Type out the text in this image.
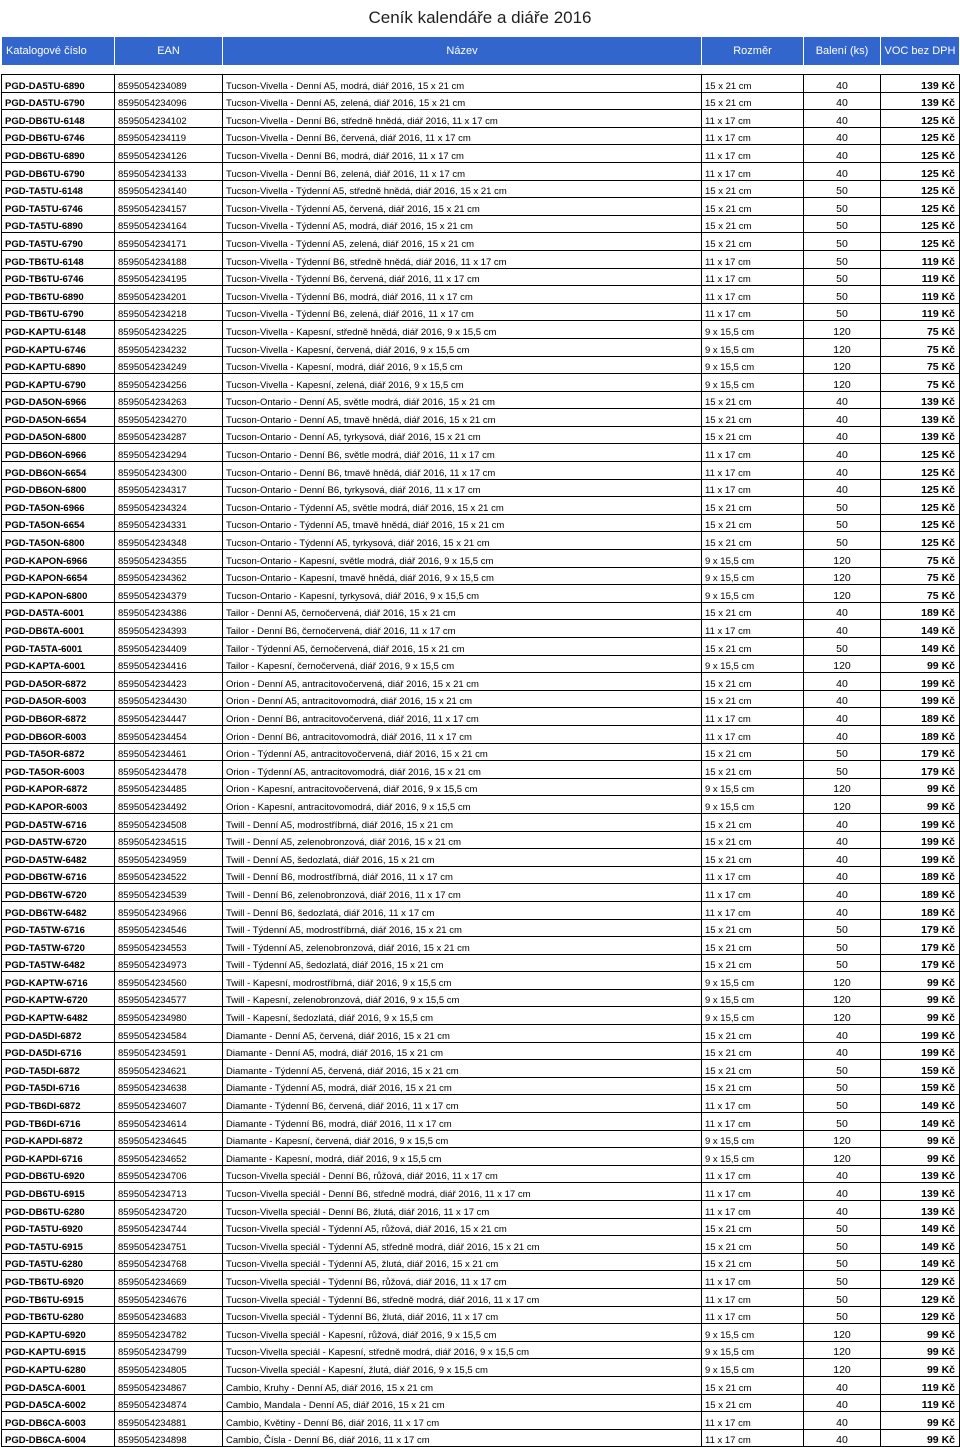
Ceník kalendáře a diáře 2016
Katalogové číslo	EAN	Název	Rozměr	Balení (ks)	VOC bez DPH

PGD-DA5TU-6890	8595054234089	Tucson-Vivella - Denní A5, modrá, diář 2016, 15 x 21 cm	15 x 21 cm	40	139 Kč
PGD-DA5TU-6790	8595054234096	Tucson-Vivella - Denní A5, zelená, diář 2016, 15 x 21 cm	15 x 21 cm	40	139 Kč
PGD-DB6TU-6148	8595054234102	Tucson-Vivella - Denní B6, středně hnědá, diář 2016, 11 x 17 cm	11 x 17 cm	40	125 Kč
PGD-DB6TU-6746	8595054234119	Tucson-Vivella - Denní B6, červená, diář 2016, 11 x 17 cm	11 x 17 cm	40	125 Kč
PGD-DB6TU-6890	8595054234126	Tucson-Vivella - Denní B6, modrá, diář 2016, 11 x 17 cm	11 x 17 cm	40	125 Kč
PGD-DB6TU-6790	8595054234133	Tucson-Vivella - Denní B6, zelená, diář 2016, 11 x 17 cm	11 x 17 cm	40	125 Kč
PGD-TA5TU-6148	8595054234140	Tucson-Vivella - Týdenní A5, středně hnědá, diář 2016, 15 x 21 cm	15 x 21 cm	50	125 Kč
PGD-TA5TU-6746	8595054234157	Tucson-Vivella - Týdenní A5, červená, diář 2016, 15 x 21 cm	15 x 21 cm	50	125 Kč
PGD-TA5TU-6890	8595054234164	Tucson-Vivella - Týdenní A5, modrá, diář 2016, 15 x 21 cm	15 x 21 cm	50	125 Kč
PGD-TA5TU-6790	8595054234171	Tucson-Vivella - Týdenní A5, zelená, diář 2016, 15 x 21 cm	15 x 21 cm	50	125 Kč
PGD-TB6TU-6148	8595054234188	Tucson-Vivella - Týdenní B6, středně hnědá, diář 2016, 11 x 17 cm	11 x 17 cm	50	119 Kč
PGD-TB6TU-6746	8595054234195	Tucson-Vivella - Týdenní B6, červená, diář 2016, 11 x 17 cm	11 x 17 cm	50	119 Kč
PGD-TB6TU-6890	8595054234201	Tucson-Vivella - Týdenní B6, modrá, diář 2016, 11 x 17 cm	11 x 17 cm	50	119 Kč
PGD-TB6TU-6790	8595054234218	Tucson-Vivella - Týdenní B6, zelená, diář 2016, 11 x 17 cm	11 x 17 cm	50	119 Kč
PGD-KAPTU-6148	8595054234225	Tucson-Vivella - Kapesní, středně hnědá, diář 2016, 9 x 15,5 cm	9 x 15,5 cm	120	75 Kč
PGD-KAPTU-6746	8595054234232	Tucson-Vivella - Kapesní, červená, diář 2016, 9 x 15,5 cm	9 x 15,5 cm	120	75 Kč
PGD-KAPTU-6890	8595054234249	Tucson-Vivella - Kapesní, modrá, diář 2016, 9 x 15,5 cm	9 x 15,5 cm	120	75 Kč
PGD-KAPTU-6790	8595054234256	Tucson-Vivella - Kapesní, zelená, diář 2016, 9 x 15,5 cm	9 x 15,5 cm	120	75 Kč
PGD-DA5ON-6966	8595054234263	Tucson-Ontario - Denní A5, světle modrá, diář 2016, 15 x 21 cm	15 x 21 cm	40	139 Kč
PGD-DA5ON-6654	8595054234270	Tucson-Ontario - Denní A5, tmavě hnědá, diář 2016, 15 x 21 cm	15 x 21 cm	40	139 Kč
PGD-DA5ON-6800	8595054234287	Tucson-Ontario - Denní A5, tyrkysová, diář 2016, 15 x 21 cm	15 x 21 cm	40	139 Kč
PGD-DB6ON-6966	8595054234294	Tucson-Ontario - Denní B6, světle modrá, diář 2016, 11 x 17 cm	11 x 17 cm	40	125 Kč
PGD-DB6ON-6654	8595054234300	Tucson-Ontario - Denní B6, tmavě hnědá, diář 2016, 11 x 17 cm	11 x 17 cm	40	125 Kč
PGD-DB6ON-6800	8595054234317	Tucson-Ontario - Denní B6, tyrkysová, diář 2016, 11 x 17 cm	11 x 17 cm	40	125 Kč
PGD-TA5ON-6966	8595054234324	Tucson-Ontario - Týdenní A5, světle modrá, diář 2016, 15 x 21 cm	15 x 21 cm	50	125 Kč
PGD-TA5ON-6654	8595054234331	Tucson-Ontario - Týdenní A5, tmavě hnědá, diář 2016, 15 x 21 cm	15 x 21 cm	50	125 Kč
PGD-TA5ON-6800	8595054234348	Tucson-Ontario - Týdenní A5, tyrkysová, diář 2016, 15 x 21 cm	15 x 21 cm	50	125 Kč
PGD-KAPON-6966	8595054234355	Tucson-Ontario - Kapesní, světle modrá, diář 2016, 9 x 15,5 cm	9 x 15,5 cm	120	75 Kč
PGD-KAPON-6654	8595054234362	Tucson-Ontario - Kapesní, tmavě hnědá, diář 2016, 9 x 15,5 cm	9 x 15,5 cm	120	75 Kč
PGD-KAPON-6800	8595054234379	Tucson-Ontario - Kapesní, tyrkysová, diář 2016, 9 x 15,5 cm	9 x 15,5 cm	120	75 Kč
PGD-DA5TA-6001	8595054234386	Tailor - Denní A5, černočervená, diář 2016, 15 x 21 cm	15 x 21 cm	40	189 Kč
PGD-DB6TA-6001	8595054234393	Tailor - Denní B6, černočervená, diář 2016, 11 x 17 cm	11 x 17 cm	40	149 Kč
PGD-TA5TA-6001	8595054234409	Tailor - Týdenní A5, černočervená, diář 2016, 15 x 21 cm	15 x 21 cm	50	149 Kč
PGD-KAPTA-6001	8595054234416	Tailor - Kapesní, černočervená, diář 2016, 9 x 15,5 cm	9 x 15,5 cm	120	99 Kč
PGD-DA5OR-6872	8595054234423	Orion - Denní A5, antracitovočervená, diář 2016, 15 x 21 cm	15 x 21 cm	40	199 Kč
PGD-DA5OR-6003	8595054234430	Orion - Denní A5, antracitovomodrá, diář 2016, 15 x 21 cm	15 x 21 cm	40	199 Kč
PGD-DB6OR-6872	8595054234447	Orion - Denní B6, antracitovočervená, diář 2016, 11 x 17 cm	11 x 17 cm	40	189 Kč
PGD-DB6OR-6003	8595054234454	Orion - Denní B6, antracitovomodrá, diář 2016, 11 x 17 cm	11 x 17 cm	40	189 Kč
PGD-TA5OR-6872	8595054234461	Orion - Týdenní A5, antracitovočervená, diář 2016, 15 x 21 cm	15 x 21 cm	50	179 Kč
PGD-TA5OR-6003	8595054234478	Orion - Týdenní A5, antracitovomodrá, diář 2016, 15 x 21 cm	15 x 21 cm	50	179 Kč
PGD-KAPOR-6872	8595054234485	Orion - Kapesní, antracitovočervená, diář 2016, 9 x 15,5 cm	9 x 15,5 cm	120	99 Kč
PGD-KAPOR-6003	8595054234492	Orion - Kapesní, antracitovomodrá, diář 2016, 9 x 15,5 cm	9 x 15,5 cm	120	99 Kč
PGD-DA5TW-6716	8595054234508	Twill - Denní A5, modrostříbrná, diář 2016, 15 x 21 cm	15 x 21 cm	40	199 Kč
PGD-DA5TW-6720	8595054234515	Twill - Denní A5, zelenobronzová, diář 2016, 15 x 21 cm	15 x 21 cm	40	199 Kč
PGD-DA5TW-6482	8595054234959	Twill - Denní A5, šedozlatá, diář 2016, 15 x 21 cm	15 x 21 cm	40	199 Kč
PGD-DB6TW-6716	8595054234522	Twill - Denní B6, modrostříbrná, diář 2016, 11 x 17 cm	11 x 17 cm	40	189 Kč
PGD-DB6TW-6720	8595054234539	Twill - Denní B6, zelenobronzová, diář 2016, 11 x 17 cm	11 x 17 cm	40	189 Kč
PGD-DB6TW-6482	8595054234966	Twill - Denní B6, šedozlatá, diář 2016, 11 x 17 cm	11 x 17 cm	40	189 Kč
PGD-TA5TW-6716	8595054234546	Twill - Týdenní A5, modrostříbrná, diář 2016, 15 x 21 cm	15 x 21 cm	50	179 Kč
PGD-TA5TW-6720	8595054234553	Twill - Týdenní A5, zelenobronzová, diář 2016, 15 x 21 cm	15 x 21 cm	50	179 Kč
PGD-TA5TW-6482	8595054234973	Twill - Týdenní A5, šedozlatá, diář 2016, 15 x 21 cm	15 x 21 cm	50	179 Kč
PGD-KAPTW-6716	8595054234560	Twill - Kapesní, modrostříbrná, diář 2016, 9 x 15,5 cm	9 x 15,5 cm	120	99 Kč
PGD-KAPTW-6720	8595054234577	Twill - Kapesní, zelenobronzová, diář 2016, 9 x 15,5 cm	9 x 15,5 cm	120	99 Kč
PGD-KAPTW-6482	8595054234980	Twill - Kapesní, šedozlatá, diář 2016, 9 x 15,5 cm	9 x 15,5 cm	120	99 Kč
PGD-DA5DI-6872	8595054234584	Diamante - Denní A5, červená, diář 2016, 15 x 21 cm	15 x 21 cm	40	199 Kč
PGD-DA5DI-6716	8595054234591	Diamante - Denní A5, modrá, diář 2016, 15 x 21 cm	15 x 21 cm	40	199 Kč
PGD-TA5DI-6872	8595054234621	Diamante - Týdenní A5, červená, diář 2016, 15 x 21 cm	15 x 21 cm	50	159 Kč
PGD-TA5DI-6716	8595054234638	Diamante - Týdenní A5, modrá, diář 2016, 15 x 21 cm	15 x 21 cm	50	159 Kč
PGD-TB6DI-6872	8595054234607	Diamante - Týdenní B6, červená, diář 2016, 11 x 17 cm	11 x 17 cm	50	149 Kč
PGD-TB6DI-6716	8595054234614	Diamante - Týdenní B6, modrá, diář 2016, 11 x 17 cm	11 x 17 cm	50	149 Kč
PGD-KAPDI-6872	8595054234645	Diamante - Kapesní, červená, diář 2016, 9 x 15,5 cm	9 x 15,5 cm	120	99 Kč
PGD-KAPDI-6716	8595054234652	Diamante - Kapesní, modrá, diář 2016, 9 x 15,5 cm	9 x 15,5 cm	120	99 Kč
PGD-DB6TU-6920	8595054234706	Tucson-Vivella speciál - Denní B6, růžová, diář 2016, 11 x 17 cm	11 x 17 cm	40	139 Kč
PGD-DB6TU-6915	8595054234713	Tucson-Vivella speciál - Denní B6, středně modrá, diář 2016, 11 x 17 cm	11 x 17 cm	40	139 Kč
PGD-DB6TU-6280	8595054234720	Tucson-Vivella speciál - Denní B6, žlutá, diář 2016, 11 x 17 cm	11 x 17 cm	40	139 Kč
PGD-TA5TU-6920	8595054234744	Tucson-Vivella speciál - Týdenní A5, růžová, diář 2016, 15 x 21 cm	15 x 21 cm	50	149 Kč
PGD-TA5TU-6915	8595054234751	Tucson-Vivella speciál - Týdenní A5, středně modrá, diář 2016, 15 x 21 cm	15 x 21 cm	50	149 Kč
PGD-TA5TU-6280	8595054234768	Tucson-Vivella speciál - Týdenní A5, žlutá, diář 2016, 15 x 21 cm	15 x 21 cm	50	149 Kč
PGD-TB6TU-6920	8595054234669	Tucson-Vivella speciál - Týdenní B6, růžová, diář 2016, 11 x 17 cm	11 x 17 cm	50	129 Kč
PGD-TB6TU-6915	8595054234676	Tucson-Vivella speciál - Týdenní B6, středně modrá, diář 2016, 11 x 17 cm	11 x 17 cm	50	129 Kč
PGD-TB6TU-6280	8595054234683	Tucson-Vivella speciál - Týdenní B6, žlutá, diář 2016, 11 x 17 cm	11 x 17 cm	50	129 Kč
PGD-KAPTU-6920	8595054234782	Tucson-Vivella speciál - Kapesní, růžová, diář 2016, 9 x 15,5 cm	9 x 15,5 cm	120	99 Kč
PGD-KAPTU-6915	8595054234799	Tucson-Vivella speciál - Kapesní, středně modrá, diář 2016, 9 x 15,5 cm	9 x 15,5 cm	120	99 Kč
PGD-KAPTU-6280	8595054234805	Tucson-Vivella speciál - Kapesní, žlutá, diář 2016, 9 x 15,5 cm	9 x 15,5 cm	120	99 Kč
PGD-DA5CA-6001	8595054234867	Cambio, Kruhy - Denní A5, diář 2016, 15 x 21 cm	15 x 21 cm	40	119 Kč
PGD-DA5CA-6002	8595054234874	Cambio, Mandala - Denní A5, diář 2016, 15 x 21 cm	15 x 21 cm	40	119 Kč
PGD-DB6CA-6003	8595054234881	Cambio, Květiny - Denní B6, diář 2016, 11 x 17 cm	11 x 17 cm	40	99 Kč
PGD-DB6CA-6004	8595054234898	Cambio, Čísla - Denní B6, diář 2016, 11 x 17 cm	11 x 17 cm	40	99 Kč
